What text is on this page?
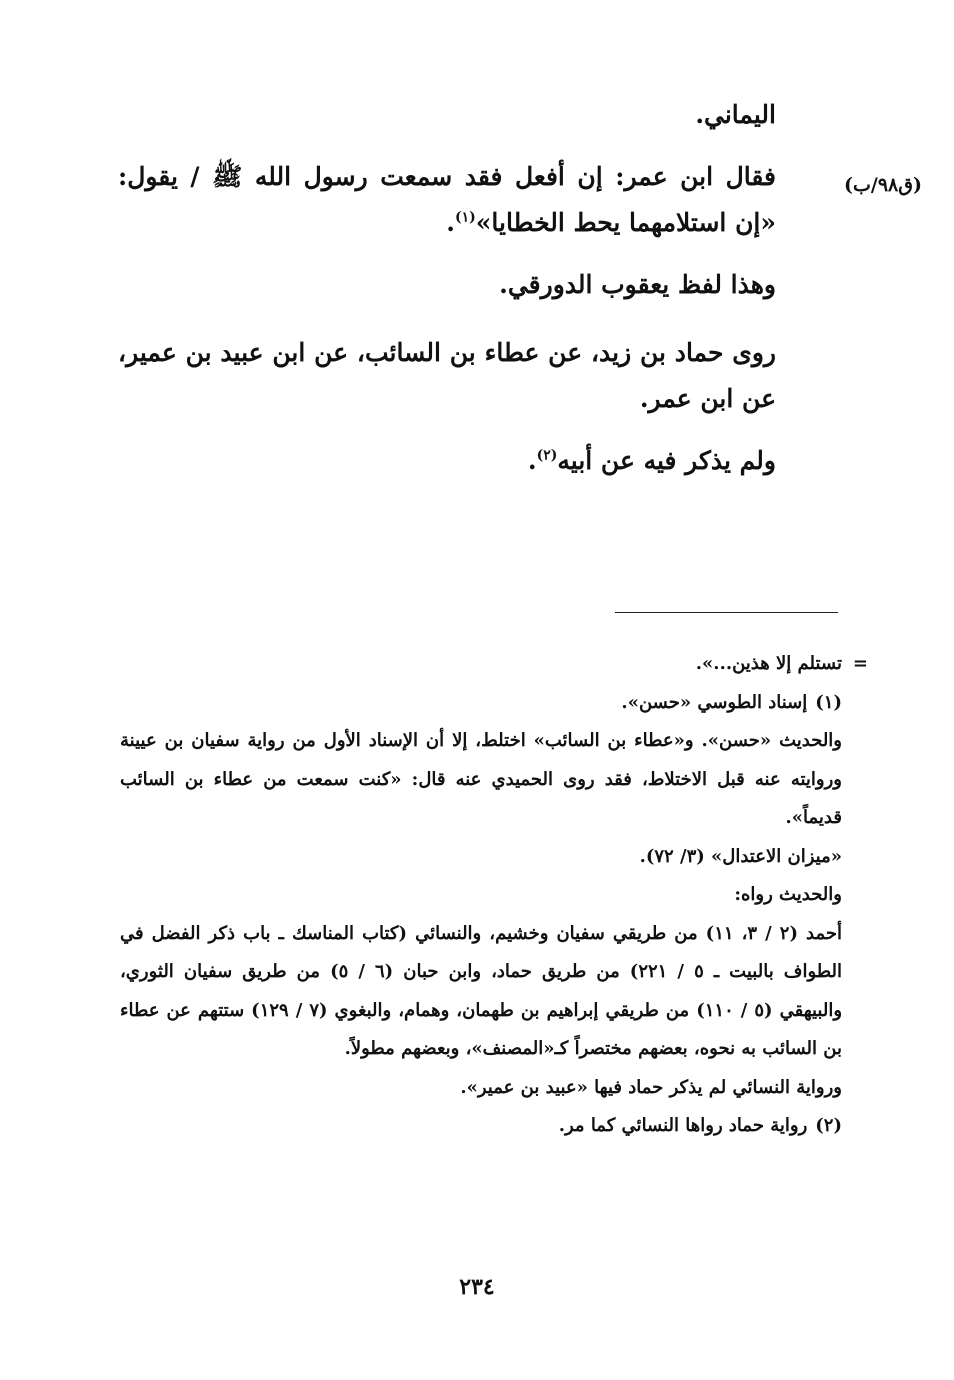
(ق٩٨/ب)

اليماني.

فقال ابن عمر: إن أفعل فقد سمعت رسول الله ﷺ / يقول: «إن استلامهما يحط الخطايا»$^{(١)}$.

وهذا لفظ يعقوب الدورقي.

روى حماد بن زيد، عن عطاء بن السائب، عن ابن عبيد بن عمير، عن ابن عمر.

ولم يذكر فيه عن أبيه$^{(٢)}$.

=
تستلم إلا هذين...».

(١)إسناد الطوسي «حسن».

والحديث «حسن». و«عطاء بن السائب» اختلط، إلا أن الإسناد الأول من رواية سفيان بن عيينة وروايته عنه قبل الاختلاط، فقد روى الحميدي عنه قال: «كنت سمعت من عطاء بن السائب قديماً».

«ميزان الاعتدال» (٣/ ٧٢).

والحديث رواه:

أحمد (٢ / ٣، ١١) من طريقي سفيان وخشيم، والنسائي (كتاب المناسك ـ باب ذكر الفضل في الطواف بالبيت ـ ٥ / ٢٢١) من طريق حماد، وابن حبان (٦ / ٥) من طريق سفيان الثوري، والبيهقي (٥ / ١١٠) من طريقي إبراهيم بن طهمان، وهمام، والبغوي (٧ / ١٢٩) ستتهم عن عطاء بن السائب به نحوه، بعضهم مختصراً كـ«المصنف»، وبعضهم مطولاً.

ورواية النسائي لم يذكر حماد فيها «عبيد بن عمير».

(٢)رواية حماد رواها النسائي كما مر.

٢٣٤
